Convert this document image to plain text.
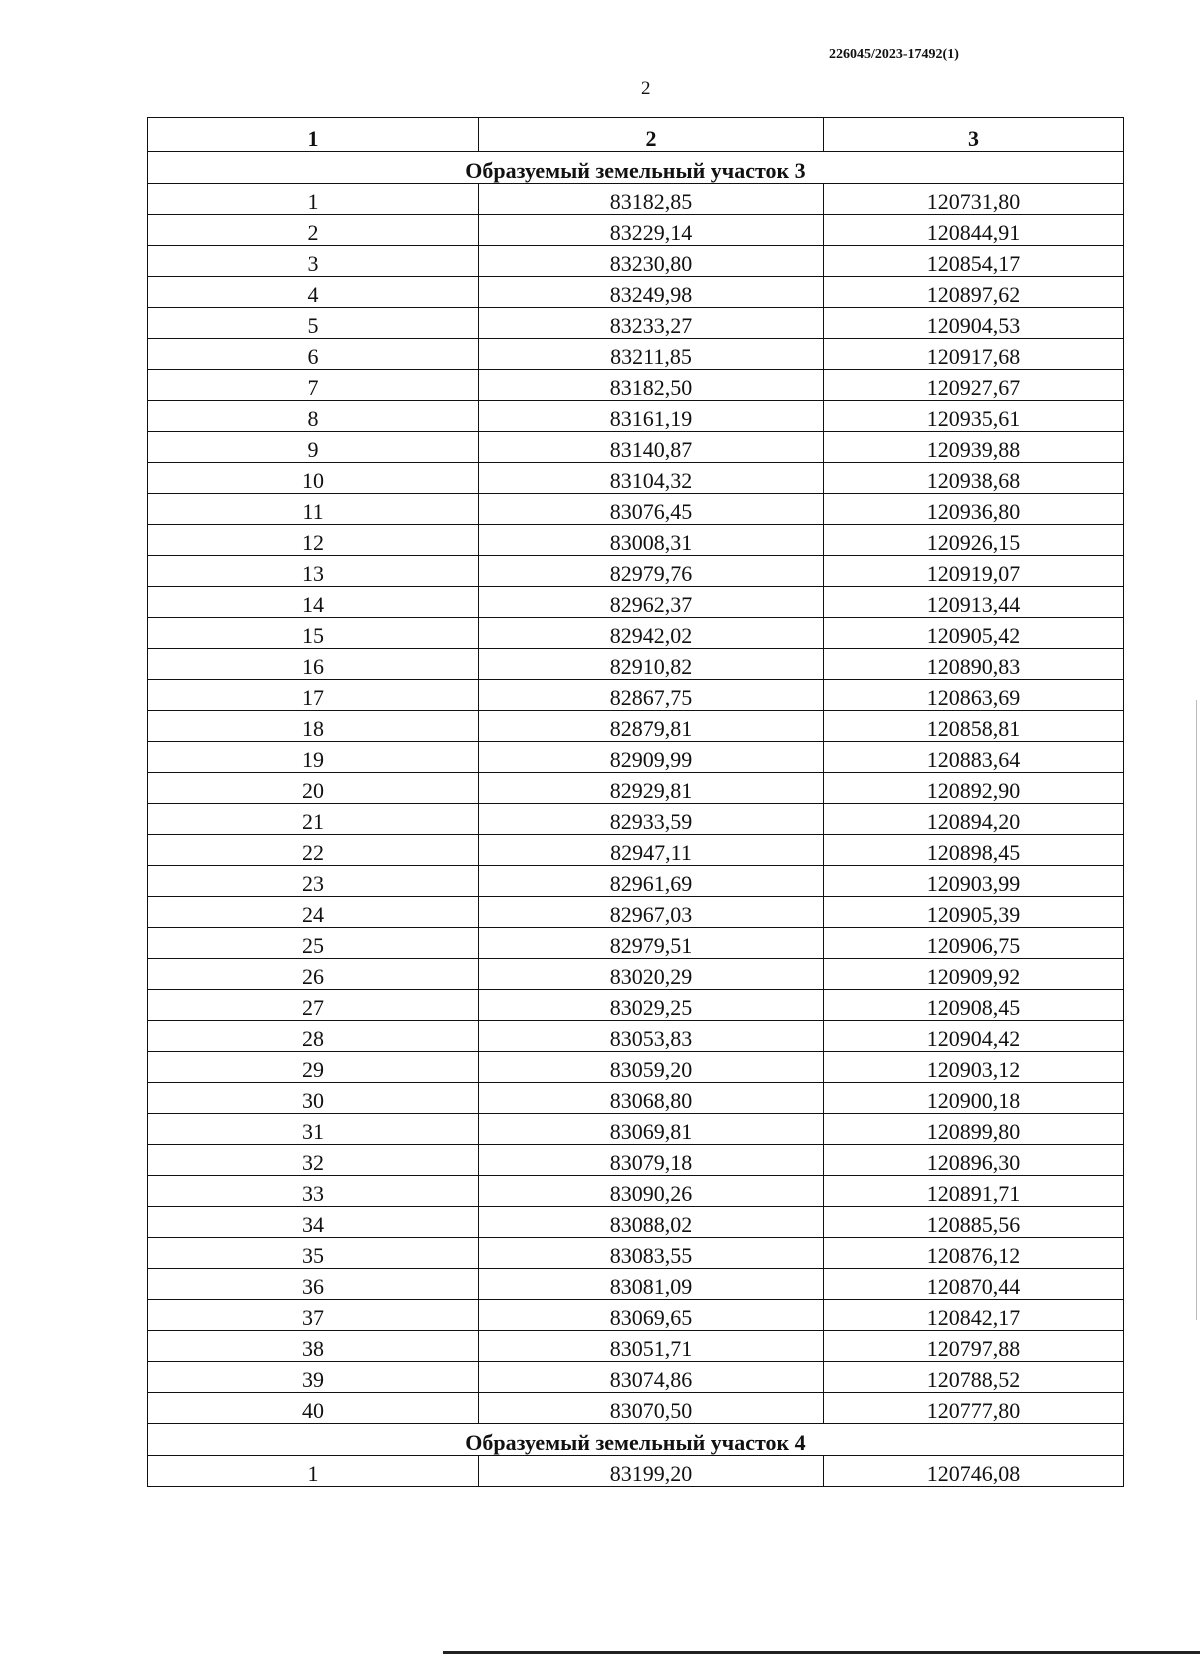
226045/2023-17492(1)
2
1	2	3
Образуемый земельный участок 3		
1	83182,85	120731,80
2	83229,14	120844,91
3	83230,80	120854,17
4	83249,98	120897,62
5	83233,27	120904,53
6	83211,85	120917,68
7	83182,50	120927,67
8	83161,19	120935,61
9	83140,87	120939,88
10	83104,32	120938,68
11	83076,45	120936,80
12	83008,31	120926,15
13	82979,76	120919,07
14	82962,37	120913,44
15	82942,02	120905,42
16	82910,82	120890,83
17	82867,75	120863,69
18	82879,81	120858,81
19	82909,99	120883,64
20	82929,81	120892,90
21	82933,59	120894,20
22	82947,11	120898,45
23	82961,69	120903,99
24	82967,03	120905,39
25	82979,51	120906,75
26	83020,29	120909,92
27	83029,25	120908,45
28	83053,83	120904,42
29	83059,20	120903,12
30	83068,80	120900,18
31	83069,81	120899,80
32	83079,18	120896,30
33	83090,26	120891,71
34	83088,02	120885,56
35	83083,55	120876,12
36	83081,09	120870,44
37	83069,65	120842,17
38	83051,71	120797,88
39	83074,86	120788,52
40	83070,50	120777,80
Образуемый земельный участок 4		
1	83199,20	120746,08
